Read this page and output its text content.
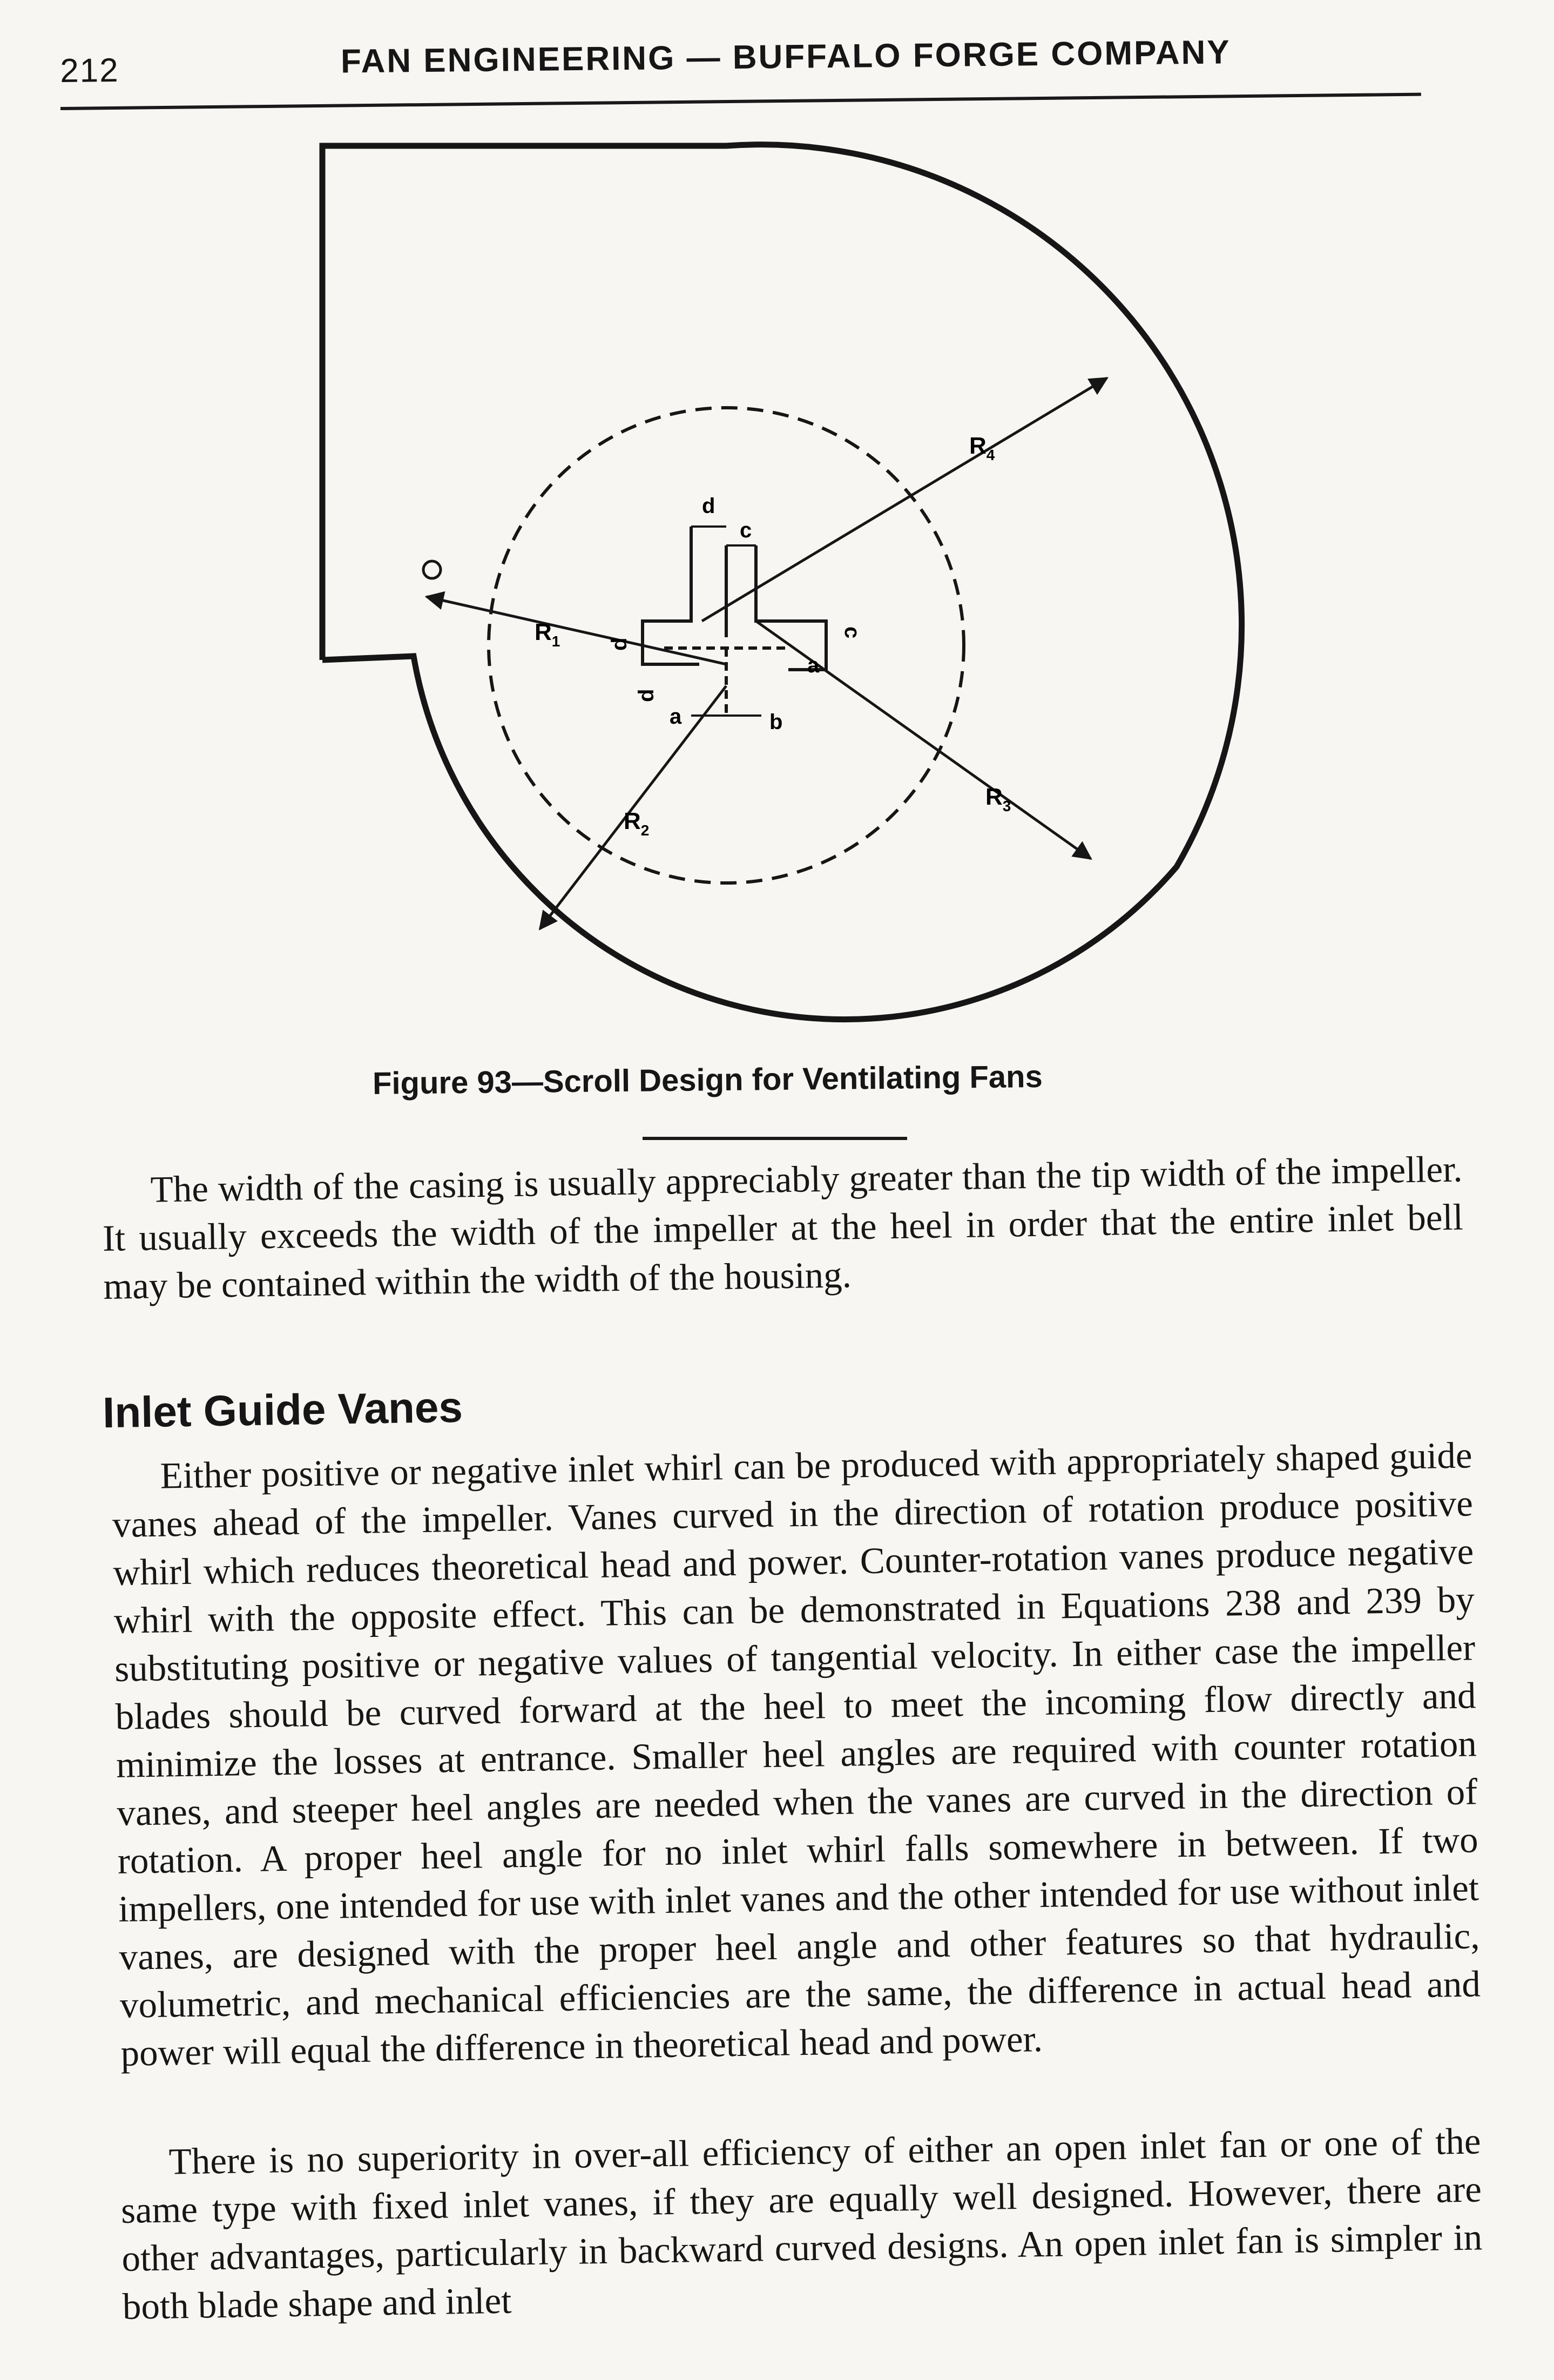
212	FAN ENGINEERING — BUFFALO FORGE COMPANY
$R_4$
$R_1$
$R_3$
$R_2$
d
c
d
c
a
d
a	b
Figure 93—Scroll Design for Ventilating Fans

The width of the casing is usually appreciably greater than the tip width of the impeller. It usually exceeds the width of the impeller at the heel in order that the entire inlet bell may be contained within the width of the housing.

Inlet Guide Vanes

Either positive or negative inlet whirl can be produced with appropriately shaped guide vanes ahead of the impeller. Vanes curved in the direction of rotation produce positive whirl which reduces theoretical head and power. Counter-rotation vanes produce negative whirl with the opposite effect. This can be demonstrated in Equations 238 and 239 by substituting positive or negative values of tangential velocity. In either case the impeller blades should be curved forward at the heel to meet the incoming flow directly and minimize the losses at entrance. Smaller heel angles are required with counter rotation vanes, and steeper heel angles are needed when the vanes are curved in the direction of rotation. A proper heel angle for no inlet whirl falls somewhere in between. If two impellers, one intended for use with inlet vanes and the other intended for use without inlet vanes, are designed with the proper heel angle and other features so that hydraulic, volumetric, and mechanical efficiencies are the same, the difference in actual head and power will equal the difference in theoretical head and power.

There is no superiority in over-all efficiency of either an open inlet fan or one of the same type with fixed inlet vanes, if they are equally well designed. However, there are other advantages, particularly in backward curved designs. An open inlet fan is simpler in both blade shape and inlet
